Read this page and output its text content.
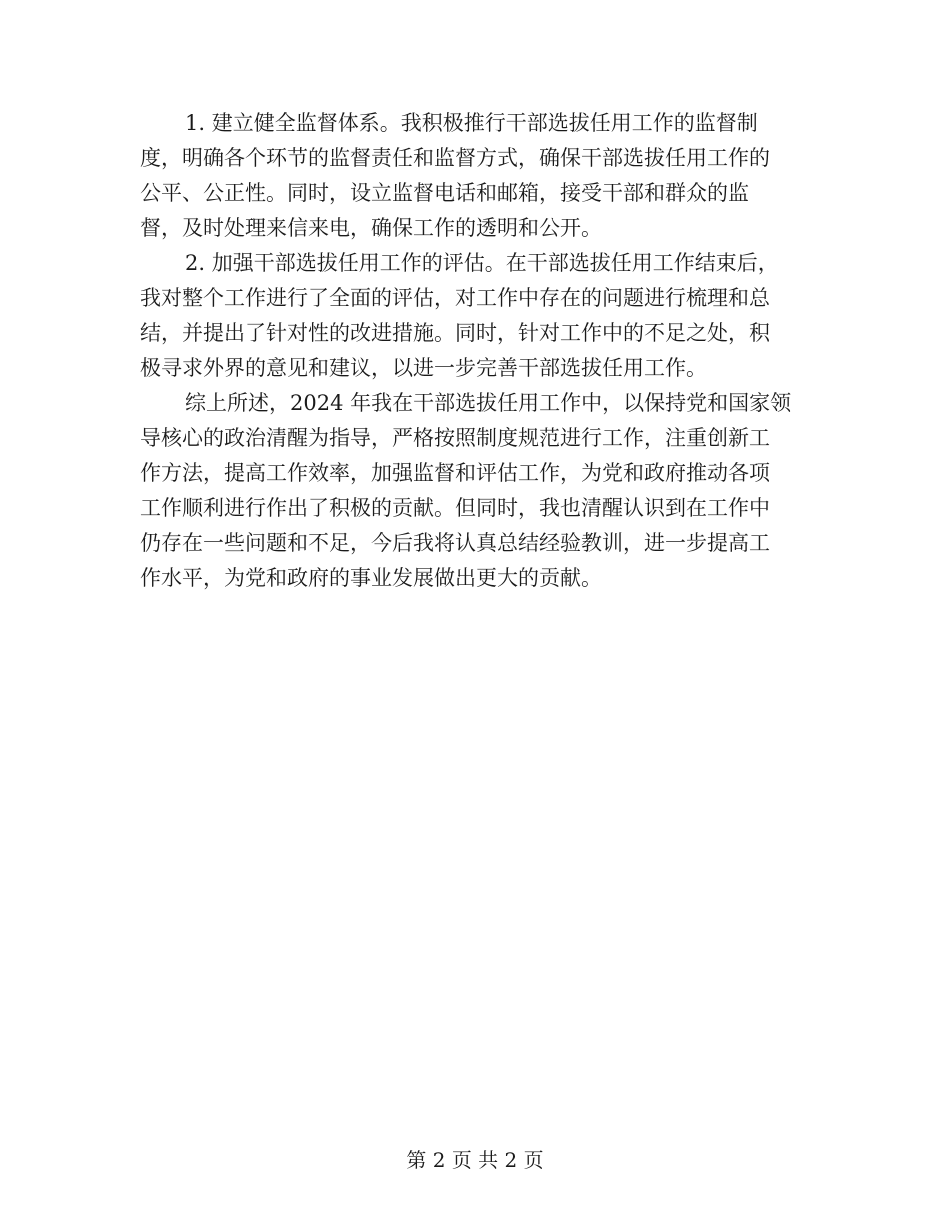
1. 建立健全监督体系。我积极推行干部选拔任用工作的监督制
度，明确各个环节的监督责任和监督方式，确保干部选拔任用工作的
公平、公正性。同时，设立监督电话和邮箱，接受干部和群众的监
督，及时处理来信来电，确保工作的透明和公开。
2. 加强干部选拔任用工作的评估。在干部选拔任用工作结束后，
我对整个工作进行了全面的评估，对工作中存在的问题进行梳理和总
结，并提出了针对性的改进措施。同时，针对工作中的不足之处，积
极寻求外界的意见和建议，以进一步完善干部选拔任用工作。
综上所述，2024 年我在干部选拔任用工作中，以保持党和国家领
导核心的政治清醒为指导，严格按照制度规范进行工作，注重创新工
作方法，提高工作效率，加强监督和评估工作，为党和政府推动各项
工作顺利进行作出了积极的贡献。但同时，我也清醒认识到在工作中
仍存在一些问题和不足，今后我将认真总结经验教训，进一步提高工
作水平，为党和政府的事业发展做出更大的贡献。
第 2 页 共 2 页
